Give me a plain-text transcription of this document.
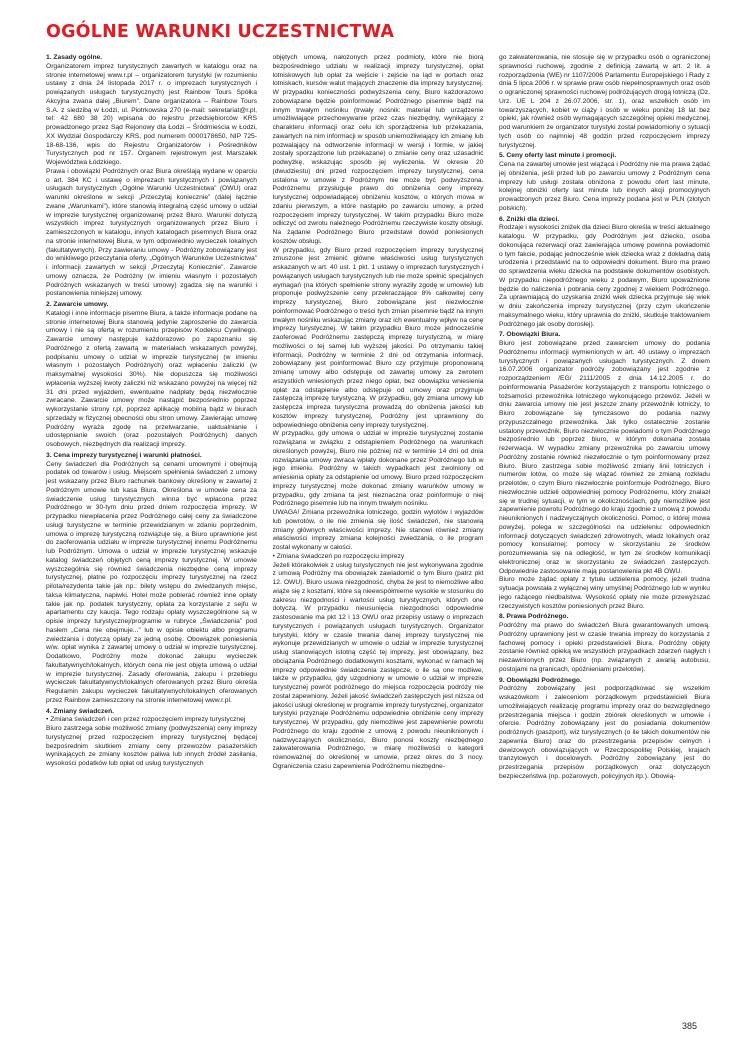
OGÓLNE WARUNKI UCZESTNICTWA
1. Zasady ogólne.

Organizatorem imprez turystycznych zawartych w katalogu oraz na stronie internetowej www.r.pl – organizatorem turystyki (w rozumieniu ustawy z dnia 24 listopada 2017 r. o imprezach turystycznych i powiązanych usługach turystycznych) jest Rainbow Tours Spółka Akcyjna zwana dalej „Biurem”. Dane organizatora – Rainbow Tours S.A. z siedzibą w Łodzi, ul. Piotrkowska 270 (e-mail: sekretariat@r.pl, tel: 42 680 38 20) wpisana do rejestru przedsiębiorców KRS prowadzonego przez Sąd Rejonowy dla Łodzi – Śródmieścia w Łodzi, XX Wydział Gospodarczy KRS, pod numerem 0000178650, NIP 725-18-68-136, wpis do Rejestru Organizatorów i Pośredników Turystycznych pod nr 157. Organem rejestrowym jest Marszałek Województwa Łódzkiego.

Prawa i obowiązki Podróżnych oraz Biura określają wydane w oparciu o art. 384 KC i ustawę o imprezach turystycznych i powiązanych usługach turystycznych „Ogólne Warunki Uczestnictwa” (OWU) oraz warunki określone w sekcji „Przeczytaj koniecznie” (dalej łącznie zwane „Warunkami”), które stanowią integralną część umowy o udział w imprezie turystycznej organizowanej przez Biuro. Warunki dotyczą wszystkich imprez turystycznych organizowanych przez Biuro i zamieszczonych w katalogu, innych katalogach pisemnych Biura oraz na stronie internetowej Biura, w tym odpowiednio wycieczek lokalnych (fakultatywnych). Przy zawieraniu umowy - Podróżny zobowiązany jest do wnikliwego przeczytania oferty, „Ogólnych Warunków Uczestnictwa” i informacji zawartych w sekcji „Przeczytaj Koniecznie”. Zawarcie umowy oznacza, że Podróżny (w imieniu własnym i pozostałych Podróżnych wskazanych w treści umowy) zgadza się na warunki i postanowienia niniejszej umowy.

2. Zawarcie umowy.

Katalogi i inne informacje pisemne Biura, a także informacje podane na stronie internetowej Biura stanowią jedynie zaproszenie do zawarcia umowy i nie są ofertą w rozumieniu przepisów Kodeksu Cywilnego. Zawarcie umowy następuje każdorazowo po zapoznaniu się Podróżnego z ofertą zawartą w materiałach wskazanych powyżej, podpisaniu umowy o udział w imprezie turystycznej (w imieniu własnym i pozostałych Podróżnych) oraz wpłaceniu zaliczki (w maksymalnej wysokości 30%). Nie dopuszcza się możliwości wpłacenia wyższej kwoty zaliczki niż wskazano powyżej na więcej niż 31 dni przed wyjazdem, ewentualne nadpłaty będą niezwłocznie zwracane. Zawarcie umowy może nastąpić bezpośrednio poprzez wykorzystanie strony r.pl, poprzez aplikację mobilną bądź w biurach sprzedaży w fizycznej obecności obu stron umowy. Zawierając umowę Podróżny wyraża zgodę na przetwarzanie, uaktualnianie i udostępnianie swoich (oraz pozostałych Podróżnych) danych osobowych, niezbędnych dla realizacji imprezy.

3. Cena imprezy turystycznej i warunki płatności.

Ceny świadczeń dla Podróżnych są cenami umownymi i obejmują podatek od towarów i usług. Miejscem spełnienia świadczeń z umowy jest wskazany przez Biuro rachunek bankowy określony w zawartej z Podróżnym umowie lub kasa Biura. Określona w umowie cena za świadczenie usług turystycznych winna być wpłacona przez Podróżnego w 30-tym dniu przed dniem rozpoczęcia imprezy. W przypadku niewpłacenia przez Podróżnego całej ceny za świadczone usługi turystyczne w terminie przewidzianym w zdaniu poprzednim, umowa o imprezę turystyczną rozwiązuje się, a Biuro uprawnione jest do zaoferowania udziału w imprezie turystycznej innemu Podróżnemu lub Podróżnym. Umowa o udział w imprezie turystycznej wskazuje katalog świadczeń objętych ceną imprezy turystycznej. W umowie wyszczególnia się również świadczenia niezbędne ceną imprezy turystycznej, płatne po rozpoczęciu imprezy turystycznej na rzecz pilota/rezydenta takie jak np.: bilety wstępu do zwiedzanych miejsc, taksa klimatyczna, napiwki. Hotel może pobierać również inne opłaty takie jak np. podatek turystyczny, opłata za korzystanie z sejfu w apartamentu czy kaucja. Tego rodzaju opłaty wyszczególnione są w opisie imprezy turystycznej/programie w rubryce „Świadczenia” pod hasłem „Cena nie obejmuje...” lub w opisie obiektu albo programu zwiedzania i dotyczą opłaty za jedną osobę. Obowiązek poniesienia w/w. opłat wynika z zawartej umowy o udział w imprezie turystycznej. Dodatkowo, Podróżny może dokonać zakupu wycieczek fakultatywnych/lokalnych, których cena nie jest objęta umową o udział w imprezie turystycznej. Zasady oferowania, zakupu i przebiegu wycieczek fakultatywnych/lokalnych oferowanych przez Biuro określa Regulamin zakupu wycieczek fakultatywnych/lokalnych oferowanych przez Rainbow zamieszczony na stronie internetowej www.r.pl.

4. Zmiany świadczeń.

• Zmiana świadczeń i cen przez rozpoczęciem imprezy turystycznej

Biuro zastrzega sobie możliwość zmiany (podwyższenia) ceny imprezy turystycznej przed rozpoczęciem imprezy turystycznej będącej bezpośrednim skutkiem zmiany ceny przewozów pasażerskich wynikających ze zmiany kosztów paliwa lub innych źródeł zasilania, wysokości podatków lub opłat od usług turystycznych

objętych umową, nałożonych przez podmioty, które nie biorą bezpośredniego udziału w realizacji imprezy turystycznej, opłat lotniskowych lub opłat za wejście i zejście na ląd w portach oraz lotniskach, kursów walut mających znaczenie dla imprezy turystycznej. W przypadku konieczności podwyższenia ceny, Biuro każdorazowo zobowiązane będzie poinformować Podróżnego pisemnie bądź na innym trwałym nośniku (trwały nośnik: materiał lub urządzenie umożliwiające przechowywanie przez czas niezbędny, wynikający z charakteru informacji oraz celu ich sporządzenia lub przekazania, zawartych na nim informacji w sposób uniemożliwiający ich zmianę lub pozwalający na odtworzenie informacji w wersji i formie, w jakiej zostały sporządzone lub przekazane) o zmianie ceny oraz uzasadnić podwyżkę, wskazując sposób jej wyliczenia. W okresie 20 (dwudziestu) dni przed rozpoczęciem imprezy turystycznej, cena ustalona w umowie z Podróżnym nie może być podwyższona. Podróżnemu przysługuje prawo do obniżenia ceny imprezy turystycznej odpowiadającej obniżeniu kosztów, o których mowa w zdaniu pierwszym, a które nastąpiło po zawarciu umowy, a przed rozpoczęciem imprezy turystycznej. W takim przypadku Biuro może odliczyć od zwrotu należnego Podróżnemu rzeczywiste koszty obsługi. Na żądanie Podróżnego Biuro przedstawi dowód poniesionych kosztów obsługi.

W przypadku, gdy Biuro przed rozpoczęciem imprezy turystycznej zmuszone jest zmienić główne właściwości usług turystycznych wskazanych w art. 40 ust. 1 pkt. 1 ustawy o imprezach turystycznych i powiązanych usługach turystycznych lub nie może spełnić specjalnych wymagań (na których spełnienie strony wyraziły zgodę w umowie) lub proponuje podwyższenie ceny przekraczające 8% całkowitej ceny imprezy turystycznej, Biuro zobowiązane jest niezwłocznie poinformować Podróżnego o treści tych zmian pisemnie bądź na innym trwałym nośniku wskazując zmiany oraz ich ewentualny wpływ na cenę imprezy turystycznej. W takim przypadku Biuro może jednocześnie zaoferować Podróżnemu zastępczą imprezę turystyczną, w miarę możliwości o tej samej lub wyższej jakości. Po otrzymaniu takiej informacji, Podróżny w terminie 2 dni od otrzymania informacji, zobowiązany jest poinformować Biuro czy przyjmuje proponowaną zmianę umowy albo odstępuje od zawartej umowy za zwrotem wszystkich wniesionych przez niego opłat, bez obowiązku wniesienia opłat za odstąpienie albo odstępuje od umowy oraz przyjmuje zastępczą imprezę turystyczną. W przypadku, gdy zmiana umowy lub zastępcza impreza turystyczna prowadzą do obniżenia jakości lub kosztów imprezy turystycznej, Podróżny jest uprawniony do odpowiedniego obniżenia ceny imprezy turystycznej.

W przypadku, gdy umowa o udział w imprezie turystycznej zostanie rozwiązana w związku z odstąpieniem Podróżnego na warunkach określonych powyżej, Biuro nie później niż w terminie 14 dni od dnia rozwiązania umowy zwraca wpłaty dokonane przez Podróżnego lub w jego imieniu. Podróżny w takich wypadkach jest zwolniony od wniesienia opłaty za odstąpienie od umowy. Biuro przed rozpoczęciem imprezy turystycznej może dokonać zmiany warunków umowy w przypadku, gdy zmiana ta jest nieznaczna oraz poinformuje o niej Podróżnego pisemnie lub na innym trwałym nośniku.

UWAGA! Zmiana przewoźnika lotniczego, godzin wylotów i wyjazdów lub powrotów, o ile nie zmienia się ilość świadczeń, nie stanowią zmiany głównych właściwości imprezy. Nie stanowi również zmiany właściwości imprezy zmiana kolejności zwiedzania, o ile program został wykonany w całości.

• Zmiana świadczeń po rozpoczęciu imprezy

Jeżeli którakolwiek z usług turystycznych nie jest wykonywana zgodnie z umową Podróżny ma obowiązek zawiadomić o tym Biuro (patrz pkt 12. OWU). Biuro usuwa niezgodność, chyba że jest to niemożliwe albo wiąże się z kosztami, które są nieewspółmierne wysokie w stosunku do zakresu niezgodności i wartości usług turystycznych, których one dotyczą. W przypadku nieusunięcia niezgodności odpowiednie zastosowanie ma pkt 12 i 13 OWU oraz przepisy ustawy o imprezach turystycznych i powiązanych usługach turystycznych. Organizator turystyki, który w czasie trwania danej imprezy turystycznej nie wykonuje przewidzianych w umowie o udział w imprezie turystycznej usług stanowiących istotną część tej imprezy, jest obowiązany, bez obciążania Podróżnego dodatkowymi kosztami, wykonać w ramach tej imprezy odpowiednie świadczenia zastępcze, o ile są one możliwe, także w przypadku, gdy uzgodniony w umowie o udział w imprezie turystycznej powrót podróżnego do miejsca rozpoczęcia podróży nie został zapewniony. Jeżeli jakość świadczeń zastępczych jest niższa od jakości usługi określonej w programie imprezy turystycznej, organizator turystyki przyznaje Podróżnemu odpowiednie obniżenie ceny imprezy turystycznej. W przypadku, gdy niemożliwe jest zapewnienie powrotu Podróżnego do kraju zgodnie z umową z powodu nieuniknionych i nadzwyczajnych okoliczności, Biuro ponosi koszty niezbędnego zakwaterowania Podróżnego, w miarę możliwości o kategorii równoważnej do określonej w umowie, przez okres do 3 nocy. Ograniczenia czasu zapewnienia Podróżnemu niezbędne-

go zakwaterowania, nie stosuje się w przypadku osób o ograniczonej sprawności ruchowej, zgodnie z definicją zawartą w art. 2 lit. a rozporządzenia (WE) nr 1107/2006 Parlamentu Europejskiego i Rady z dnia 5 lipca 2006 r. w sprawie praw osób niepełnosprawnych oraz osób o ograniczonej sprawności ruchowej podróżujących drogą lotniczą (Dz. Urz. UE L 204 z 26.07.2006, str. 1), oraz wszelkich osób im towarzyszących, kobiet w ciąży i osób w wieku poniżej 18 lat bez opieki, jak również osób wymagających szczególnej opieki medycznej, pod warunkiem że organizator turystyki został powiadomiony o sytuacji tych osób co najmniej 48 godzin przed rozpoczęciem imprezy turystycznej.

5. Ceny oferty last minute i promocji.

Cena na zawartej umowie jest wiążąca i Podróżny nie ma prawa żądać jej obniżenia, jeśli przed lub po zawarciu umowy z Podróżnym cena imprezy lub usługi została obniżona z powodu ofert last minute, kolejnej obniżki oferty last minute lub innych akcji promocyjnych prowadzonych przez Biuro. Cena imprezy podana jest w PLN (złotych polskich).

6. Zniżki dla dzieci.

Rodzaje i wysokości zniżek dla dzieci Biuro określa w treści aktualnego katalogu. W przypadku, gdy Podróżnym jest dziecko, osoba dokonująca rezerwacji oraz zawierająca umowę powinna powiadomić o tym fakcie, podając jednocześnie wiek dziecka wraz z dokładną datą urodzenia i przedstawić na to odpowiedni dokument. Biuro ma prawo do sprawdzenia wieku dziecka na podstawie dokumentów osobistych. W przypadku niepodróżnego wieku z podawym, Biuro upoważnione będzie do naliczenia i pobrania ceny zgodnej z wiekiem Podróżnego. Za uprawniającą do uzyskania zniżki wiek dziecka przyjmuje się wiek w dniu zakończenia imprezy turystycznej (przy czym ukończenie maksymalnego wieku, który uprawnia do zniżki, skutkuje traktowaniem Podróżnego jak osoby dorosłej).

7. Obowiązki Biura.

Biuro jest zobowiązane przed zawarciem umowy do podania Podróżnemu informacji wymienionych w art. 40 ustawy o imprezach turystycznych i powiązanych usługach turystycznych. Z dniem 16.07.2006 organizator podróży zobowiązany jest zgodnie z rozporządzeniem /EG/ 2111/2005 z dnia 14.12.2005 r. do poinformowania Pasażerów korzystających z transportu lotniczego o tożsamości przewoźnika lotniczego wykonującego przewóz. Jeżeli w dniu zawarcia umowy nie jest jeszcze znany przewoźnik lotniczy, to Biuro zobowiązane się tymczasowo do podania nazwy przypuszczalnego przewoźnika. Jak tylko ostatecznie zostanie ustalony przewoźnik, Biuro niezwłocznie powiadomi o tym Podróżnego bezpośrednio lub poprzez biuro, w którym dokonana została rezerwacja. W wypadku zmiany przewoźnika po zawarciu umowy Podróżny zostanie również niezwłocznie o tym poinformowany przez Biuro. Biuro zastrzega sobie możliwość zmiany linii lotniczych i numerów lotów, co może się wiązać również ze zmianą rozkładu przelotów, o czym Biuro niezwłocznie poinformuje Podróżnego. Biuro niezwłocznie udzieli odpowiedniej pomocy Podróżnemu, który znalazł się w trudnej sytuacji, w tym w okolicznościach, gdy niemożliwe jest zapewnienie powrotu Podróżnego do kraju zgodnie z umową z powodu nieuniknionych i nadzwyczajnych okoliczności. Pomoc, o której mowa powyżej, polega w szczególności na udzieleniu: odpowiednich informacji dotyczących świadczeń zdrowotnych, władz lokalnych oraz pomocy konsularnej; pomocy w skorzystaniu ze środków porozumiewania się na odległość, w tym ze środków komunikacji elektronicznej oraz w skorzystaniu ze świadczeń zastępczych. Odpowiednie zastosowanie mają postanowienia pkt 4B OWU.

Biuro może żądać opłaty z tytułu udzielenia pomocy, jeżeli trudna sytuacja powstała z wyłącznej winy umyślnej Podróżnego lub w wyniku jego rażącego niedbalstwa. Wysokość opłaty nie może przewyższać rzeczywistych kosztów poniesionych przez Biuro.

8. Prawa Podróżnego.

Podróżny ma prawo do świadczeń Biura gwarantowanych umową. Podróżny uprawniony jest w czasie trwania imprezy do korzystania z fachowej pomocy i opieki przedstawicieli Biura. Podróżny objęty zostanie również opieką we wszystkich przypadkach zdarzeń nagłych i niezawinionych przez Biuro (np. związanych z awarią autobusu, postojami na granicach, opóźnieniami przelotów).

9. Obowiązki Podróżnego.

Podróżny zobowiązany jest podporządkować się wszelkim wskazówkom i zaleceniom porządkowym przedstawicieli Biura umożliwiających realizację programu imprezy oraz do bezwzględnego przestrzegania miejsca i godzin zbiórek określonych w umowie i ofercie. Podróżny zobowiązany jest do posiadania dokumentów podróżnych (paszport), wiz turystycznych (o ile takich dokumentów nie zapewnia Biuro) oraz do przestrzegania przepisów celnych i dewizowych obowiązujących w Rzeczpospolitej Polskiej, krajach tranzytowych i docelowych. Podróżny zobowiązany jest do przestrzegania przepisów porządkowych oraz dotyczących bezpieczeństwa (np. pożarowych, policyjnych itp.). Obowią-

385
